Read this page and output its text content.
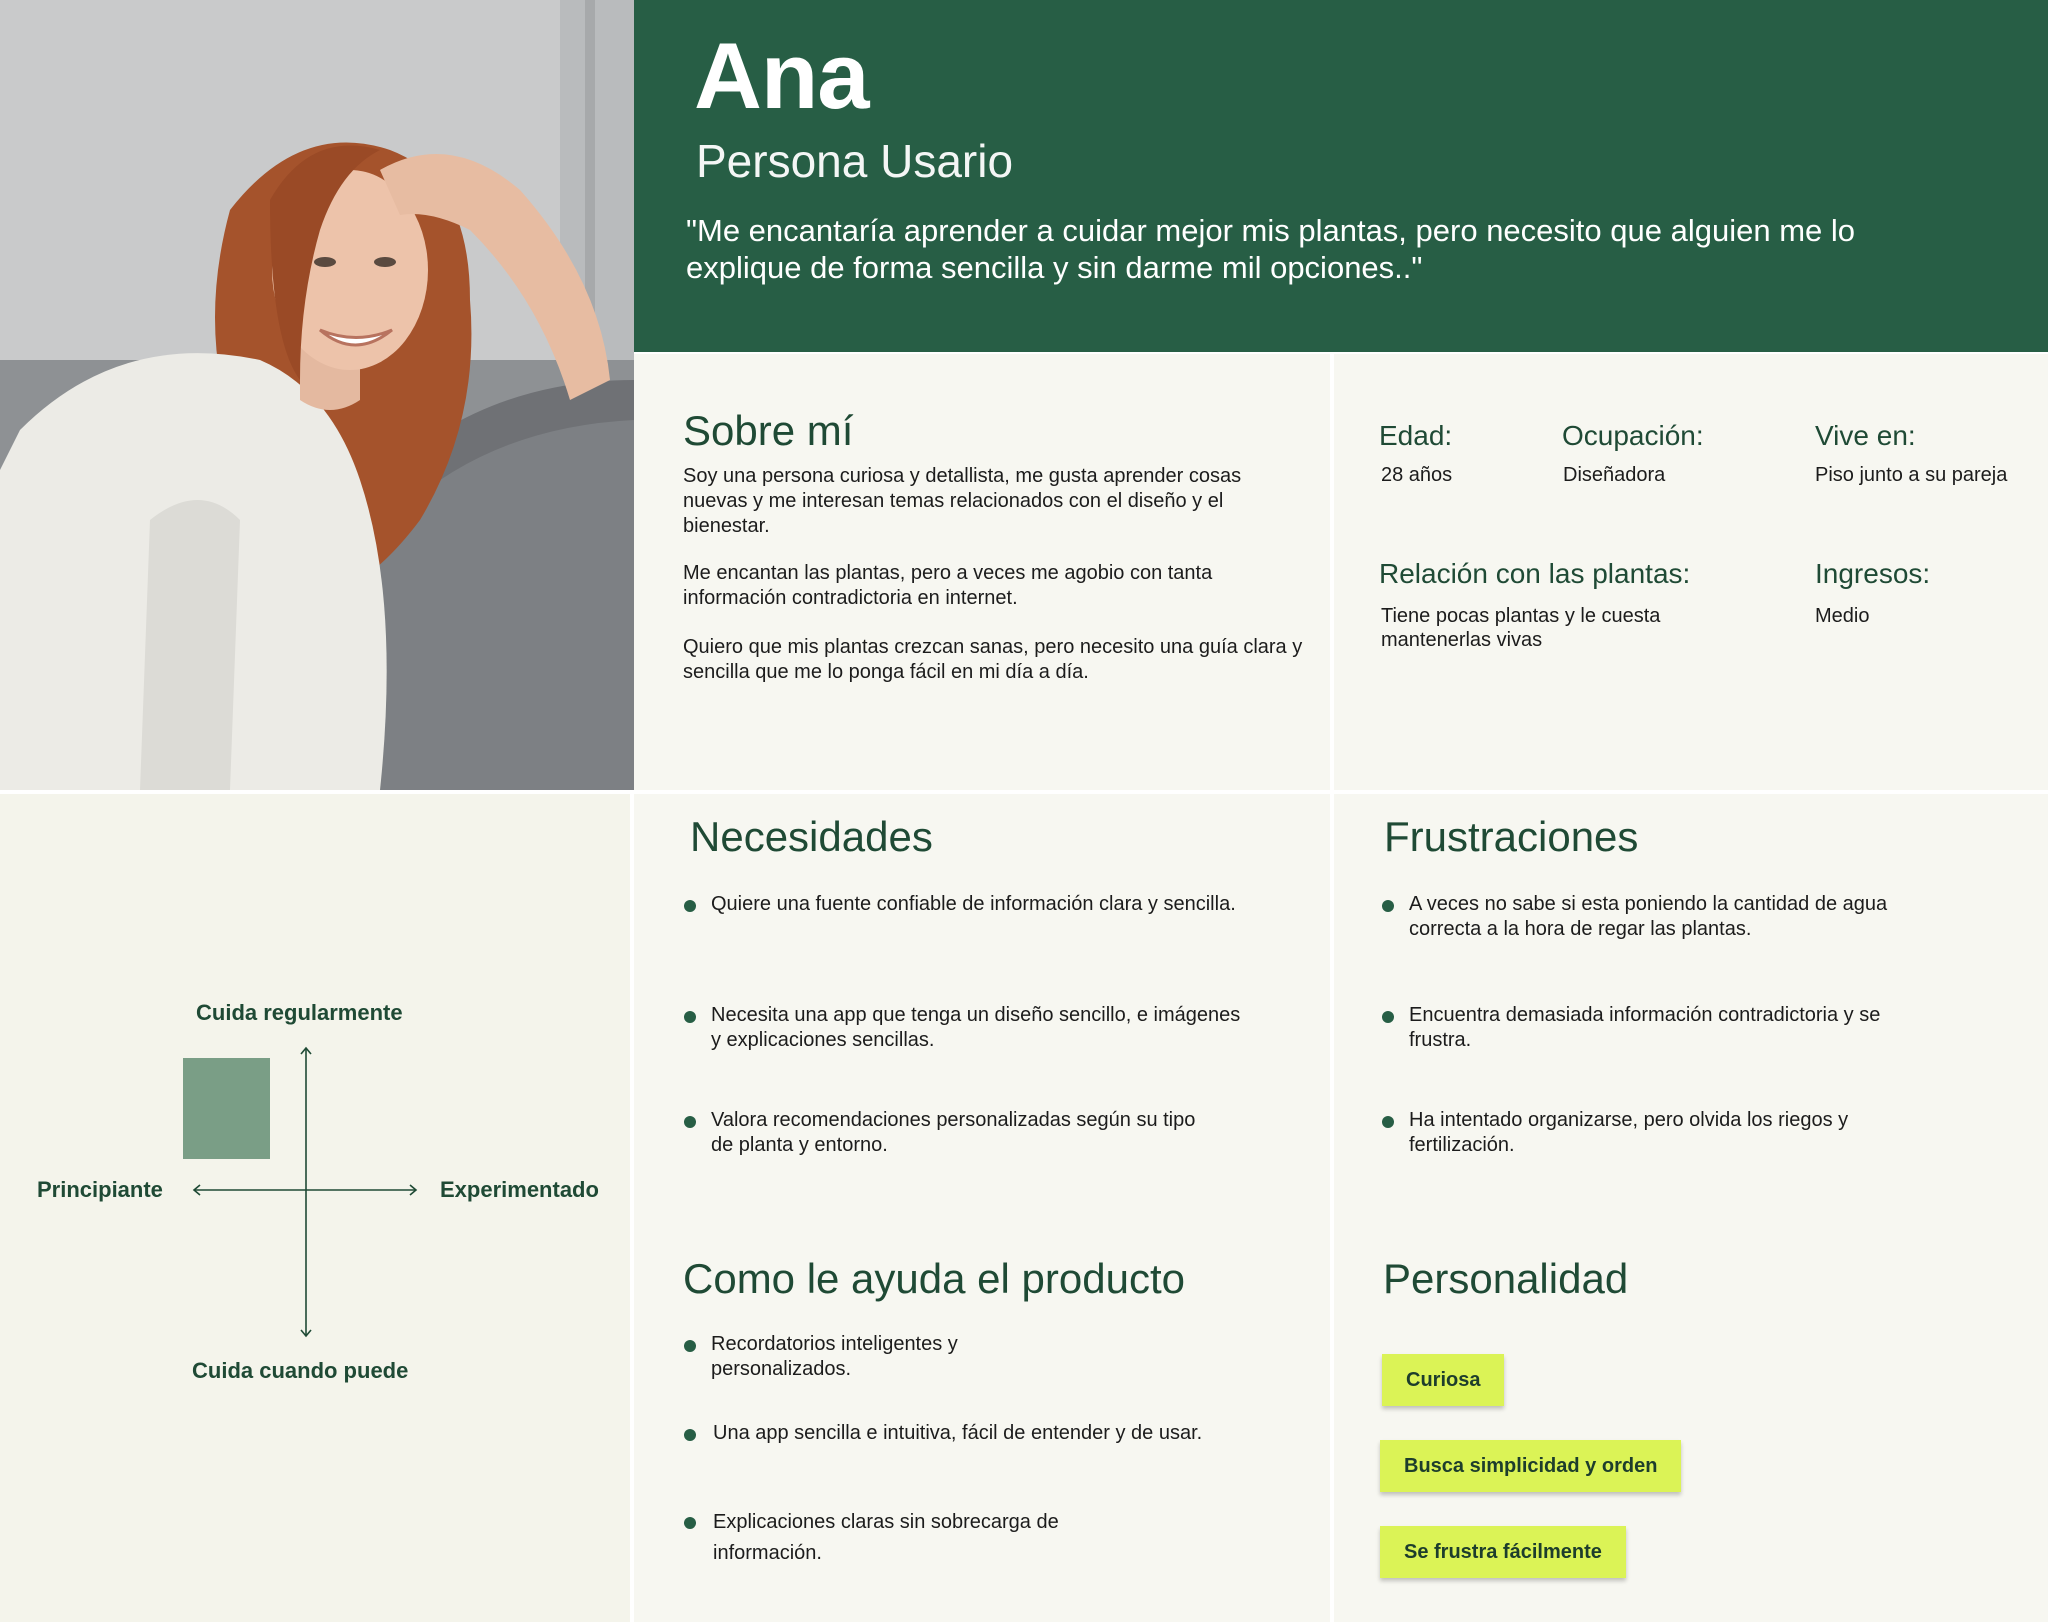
Ana
Persona Usario
"Me encantaría aprender a cuidar mejor mis plantas, pero necesito que alguien me lo explique de forma sencilla y sin darme mil opciones.."
Sobre mí
Soy una persona curiosa y detallista, me gusta aprender cosas nuevas y me interesan temas relacionados con el diseño y el bienestar.
Me encantan las plantas, pero a veces me agobio con tanta información contradictoria en internet.
Quiero que mis plantas crezcan sanas, pero necesito una guía clara y sencilla que me lo ponga fácil en mi día a día.
Edad:
28 años
Ocupación:
Diseñadora
Vive en:
Piso junto a su pareja
Relación con las plantas:
Tiene pocas plantas y le cuesta mantenerlas vivas
Ingresos:
Medio
Cuida regularmente
Cuida cuando puede
Principiante	Experimentado
Necesidades
Quiere una fuente confiable de información clara y sencilla.
Necesita una app que tenga un diseño sencillo, e imágenes y explicaciones sencillas.
Valora recomendaciones personalizadas según su tipo de planta y entorno.
Como le ayuda el producto
Recordatorios inteligentes y personalizados.
Una app sencilla e intuitiva, fácil de entender y de usar.
Explicaciones claras sin sobrecarga de información.
Frustraciones
A veces no sabe si esta poniendo la cantidad de agua correcta a la hora de regar las plantas.
Encuentra demasiada información contradictoria y se frustra.
Ha intentado organizarse, pero olvida los riegos y fertilización.
Personalidad
Curiosa
Busca simplicidad y orden
Se frustra fácilmente
